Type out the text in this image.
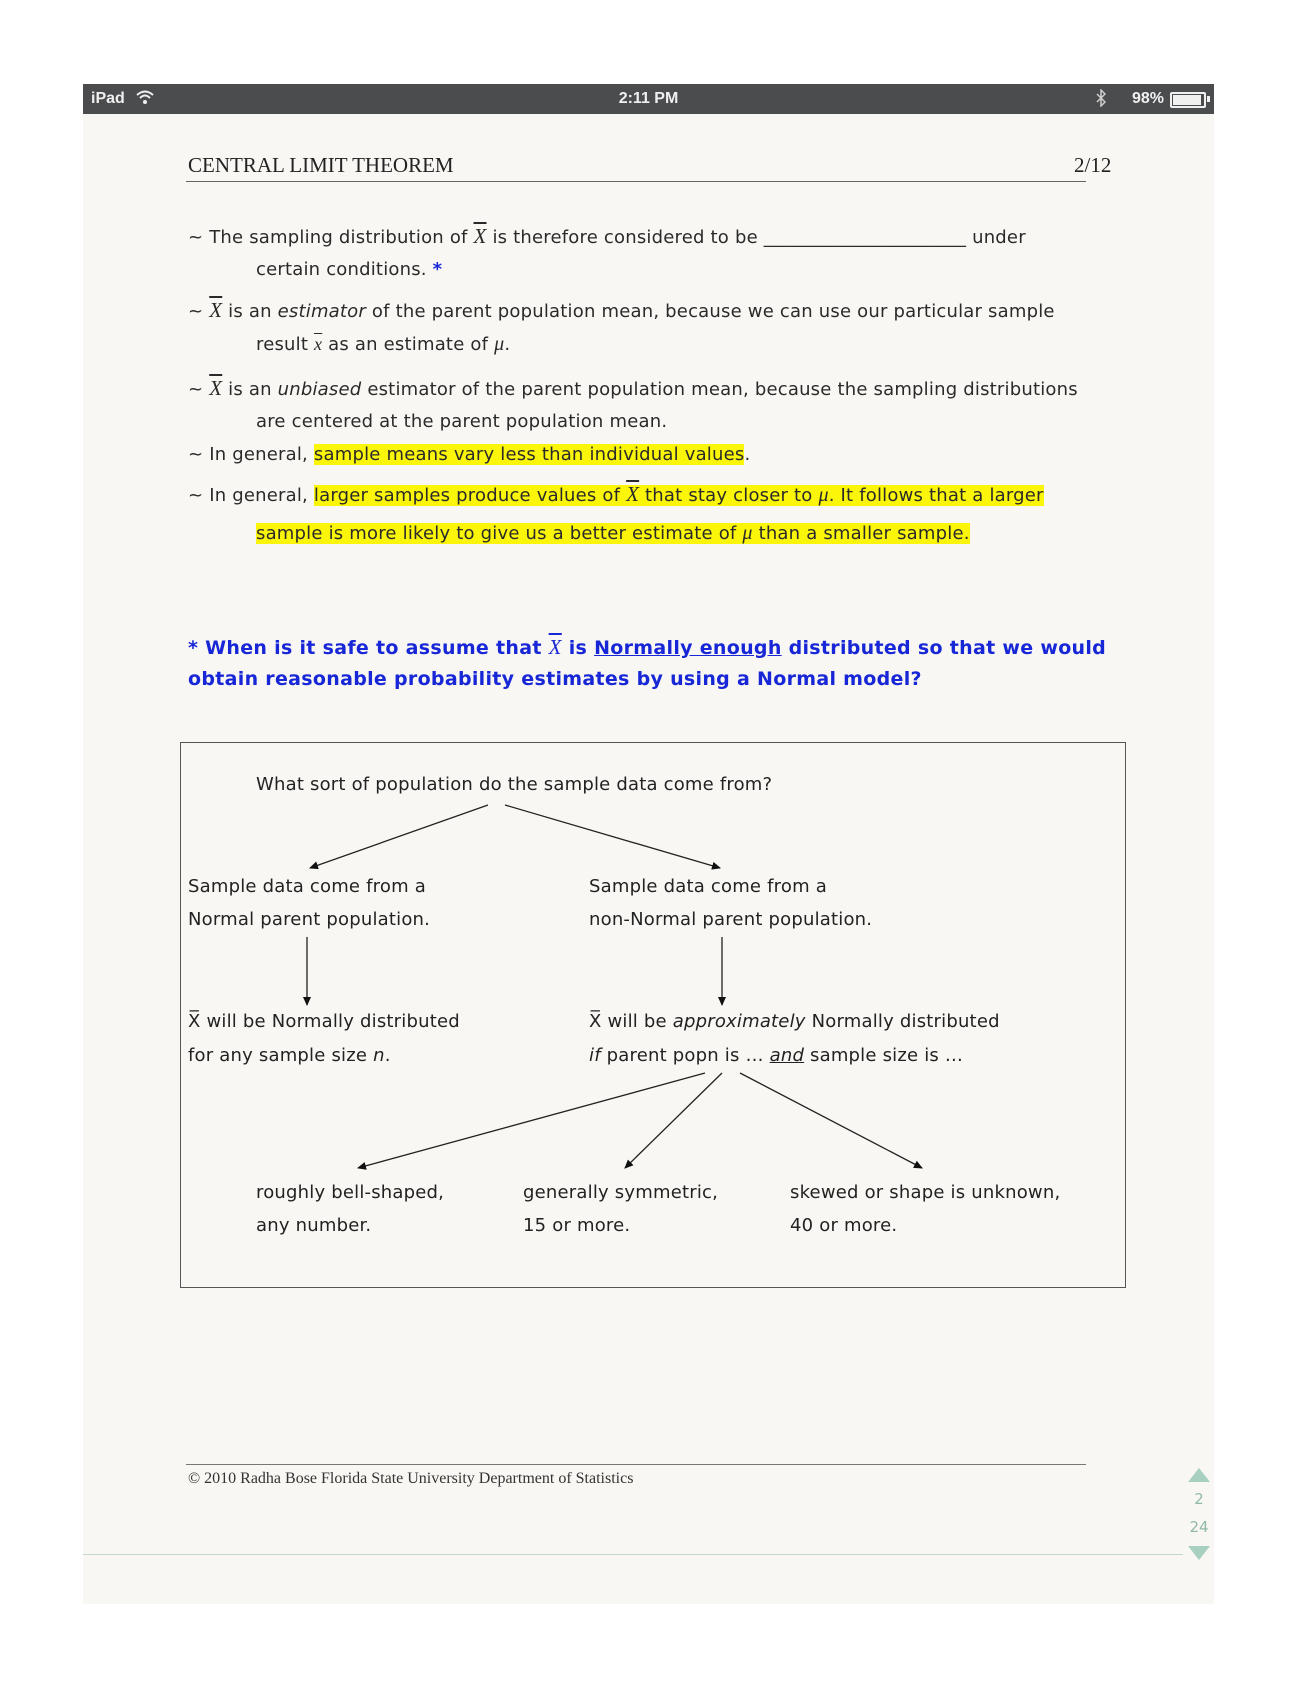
iPad	2:11 PM	98%
CENTRAL LIMIT THEOREM	2/12
~ The sampling distribution of $\overline{X}$ is therefore considered to be ______________________ under
certain conditions. *
~ $\overline{X}$ is an estimator of the parent population mean, because we can use our particular sample
result $\overline{x}$ as an estimate of μ.
~ $\overline{X}$ is an unbiased estimator of the parent population mean, because the sampling distributions
are centered at the parent population mean.
~ In general, sample means vary less than individual values.
~ In general, larger samples produce values of $\overline{X}$ that stay closer to μ. It follows that a larger
sample is more likely to give us a better estimate of μ than a smaller sample.
* When is it safe to assume that $\overline{X}$ is Normally enough distributed so that we would
obtain reasonable probability estimates by using a Normal model?
What sort of population do the sample data come from?
Sample data come from a
Normal parent population.
Sample data come from a
non-Normal parent population.
X̅ will be Normally distributed
for any sample size n.
X̅ will be approximately Normally distributed
if parent popn is … and sample size is …
roughly bell-shaped,
any number.
generally symmetric,
15 or more.
skewed or shape is unknown,
40 or more.
© 2010 Radha Bose Florida State University Department of Statistics
2
24
